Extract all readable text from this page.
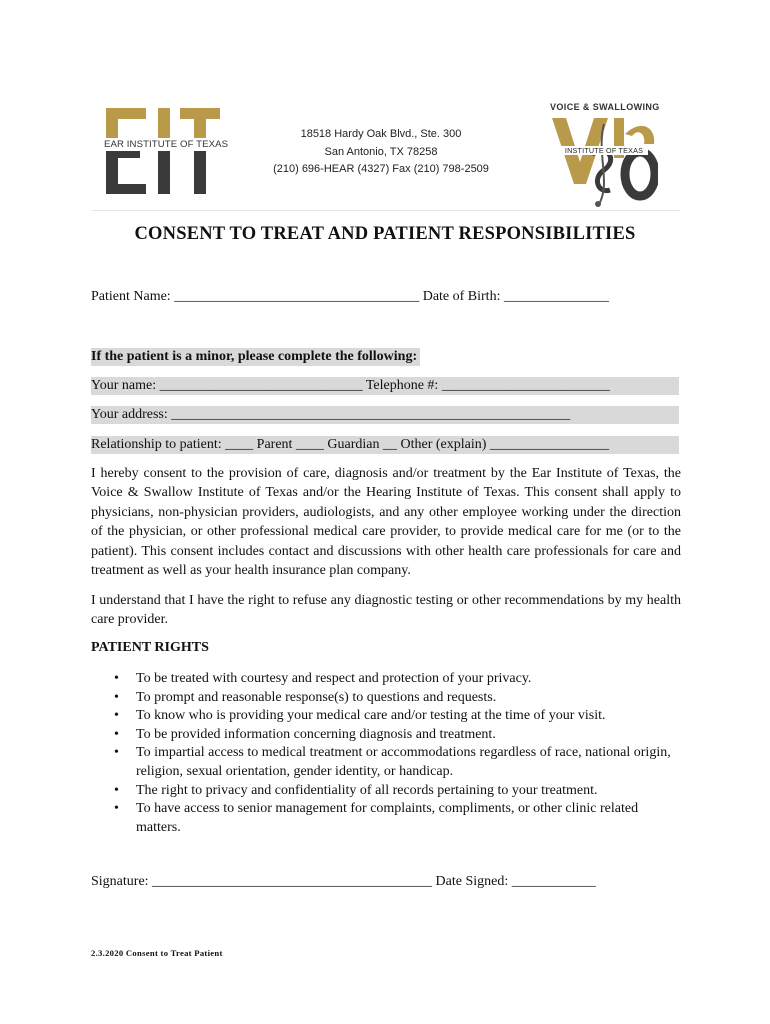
EAR INSTITUTE OF TEXAS
18518 Hardy Oak Blvd., Ste. 300
San Antonio, TX 78258
(210) 696-HEAR (4327) Fax (210) 798-2509
VOICE & SWALLOWING
INSTITUTE OF TEXAS
CONSENT TO TREAT AND PATIENT RESPONSIBILITIES
Patient Name: ___________________________________ Date of Birth: _______________
If the patient is a minor, please complete the following:
Your name: _____________________________ Telephone #: ________________________
Your address: _________________________________________________________
Relationship to patient: ____ Parent ____ Guardian __ Other (explain) _________________
I hereby consent to the provision of care, diagnosis and/or treatment by the Ear Institute of Texas, the Voice & Swallow Institute of Texas and/or the Hearing Institute of Texas. This consent shall apply to physicians, non-physician providers, audiologists, and any other employee working under the direction of the physician, or other professional medical care provider, to provide medical care for me (or to the patient). This consent includes contact and discussions with other health care professionals for care and treatment as well as your health insurance plan company.
I understand that I have the right to refuse any diagnostic testing or other recommendations by my health care provider.
PATIENT RIGHTS
• To be treated with courtesy and respect and protection of your privacy.
• To prompt and reasonable response(s) to questions and requests.
• To know who is providing your medical care and/or testing at the time of your visit.
• To be provided information concerning diagnosis and treatment.
• To impartial access to medical treatment or accommodations regardless of race, national origin, religion, sexual orientation, gender identity, or handicap.
• The right to privacy and confidentiality of all records pertaining to your treatment.
• To have access to senior management for complaints, compliments, or other clinic related matters.
Signature: ________________________________________ Date Signed: ____________
2.3.2020 Consent to Treat Patient
